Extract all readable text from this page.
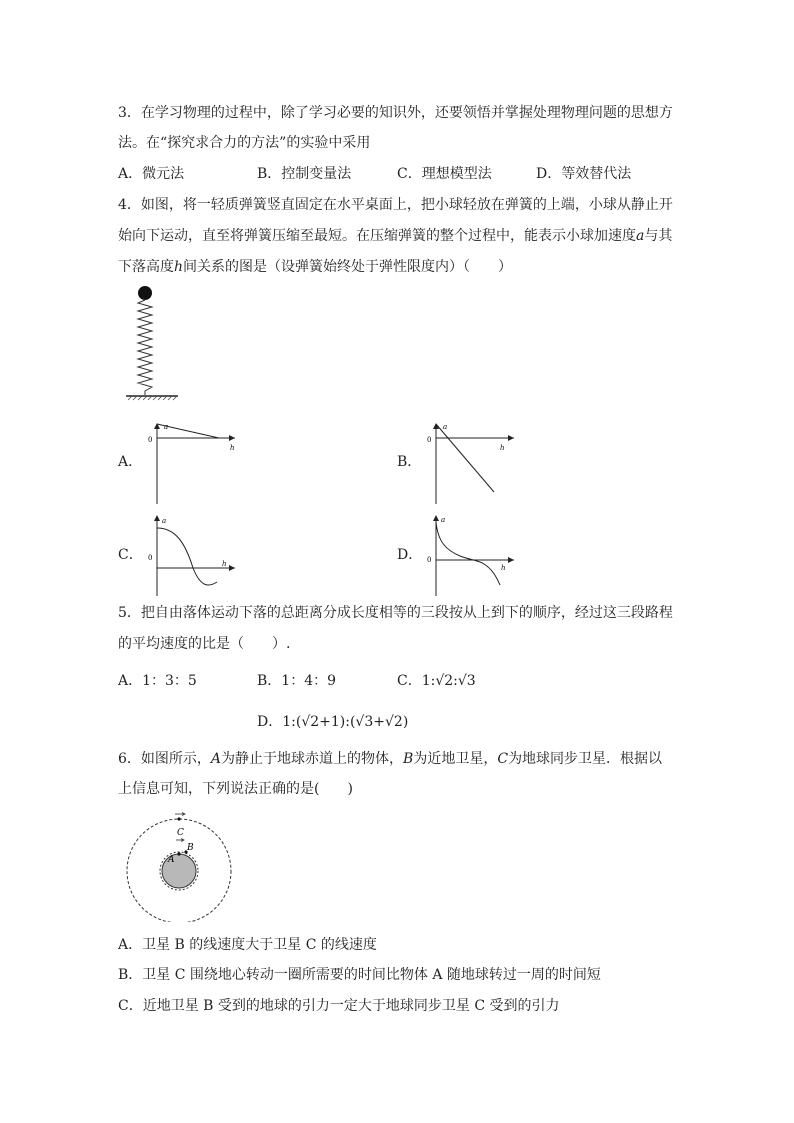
3．在学习物理的过程中，除了学习必要的知识外，还要领悟并掌握处理物理问题的思想方
法。在“探究求合力的方法”的实验中采用
A．微元法	B．控制变量法	C．理想模型法	D．等效替代法
4．如图，将一轻质弹簧竖直固定在水平桌面上，把小球轻放在弹簧的上端，小球从静止开
始向下运动，直至将弹簧压缩至最短。在压缩弹簧的整个过程中，能表示小球加速度a与其
下落高度h间关系的图是（设弹簧始终处于弹性限度内）（　　）
A．	B．
C．	D．
a
0
h
a
0
h
a
0
h
a
0
h
5．把自由落体运动下落的总距离分成长度相等的三段按从上到下的顺序，经过这三段路程
的平均速度的比是（　　）.
A．1：3：5	B．1：4：9	C．1:√2:√3
D．1:(√2+1):(√3+√2)
6．如图所示，A为静止于地球赤道上的物体，B为近地卫星，C为地球同步卫星．根据以
上信息可知，下列说法正确的是(　　)
C
B
A
A．卫星 B 的线速度大于卫星 C 的线速度
B．卫星 C 围绕地心转动一圈所需要的时间比物体 A 随地球转过一周的时间短
C．近地卫星 B 受到的地球的引力一定大于地球同步卫星 C 受到的引力
